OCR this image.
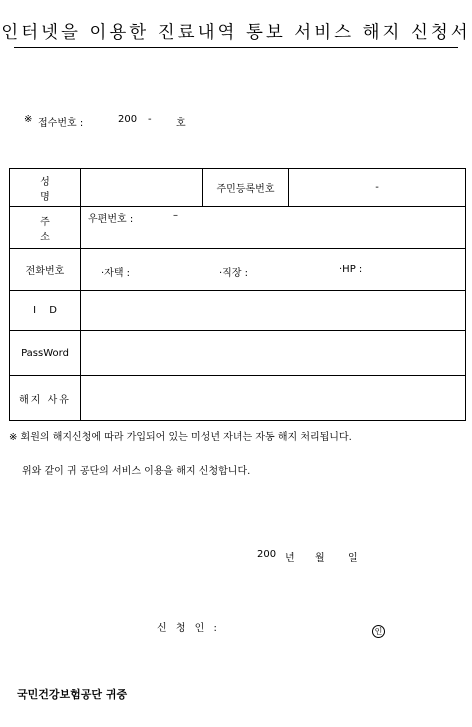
인터넷을 이용한 진료내역 통보 서비스 해지 신청서
※ 접수번호 :	200 - 호
성 명		주민등록번호	-
주 소	우편번호 : –		

전화번호	·자택 : ·직장 : ·HP :		

I D			
PassWord			
해지 사유			
※ 회원의 해지신청에 따라 가입되어 있는 미성년 자녀는 자동 해지 처리됩니다.
위와 같이 귀 공단의 서비스 이용을 해지 신청합니다.
200 년 월 일
신 청 인 :	인
국민건강보험공단 귀중
